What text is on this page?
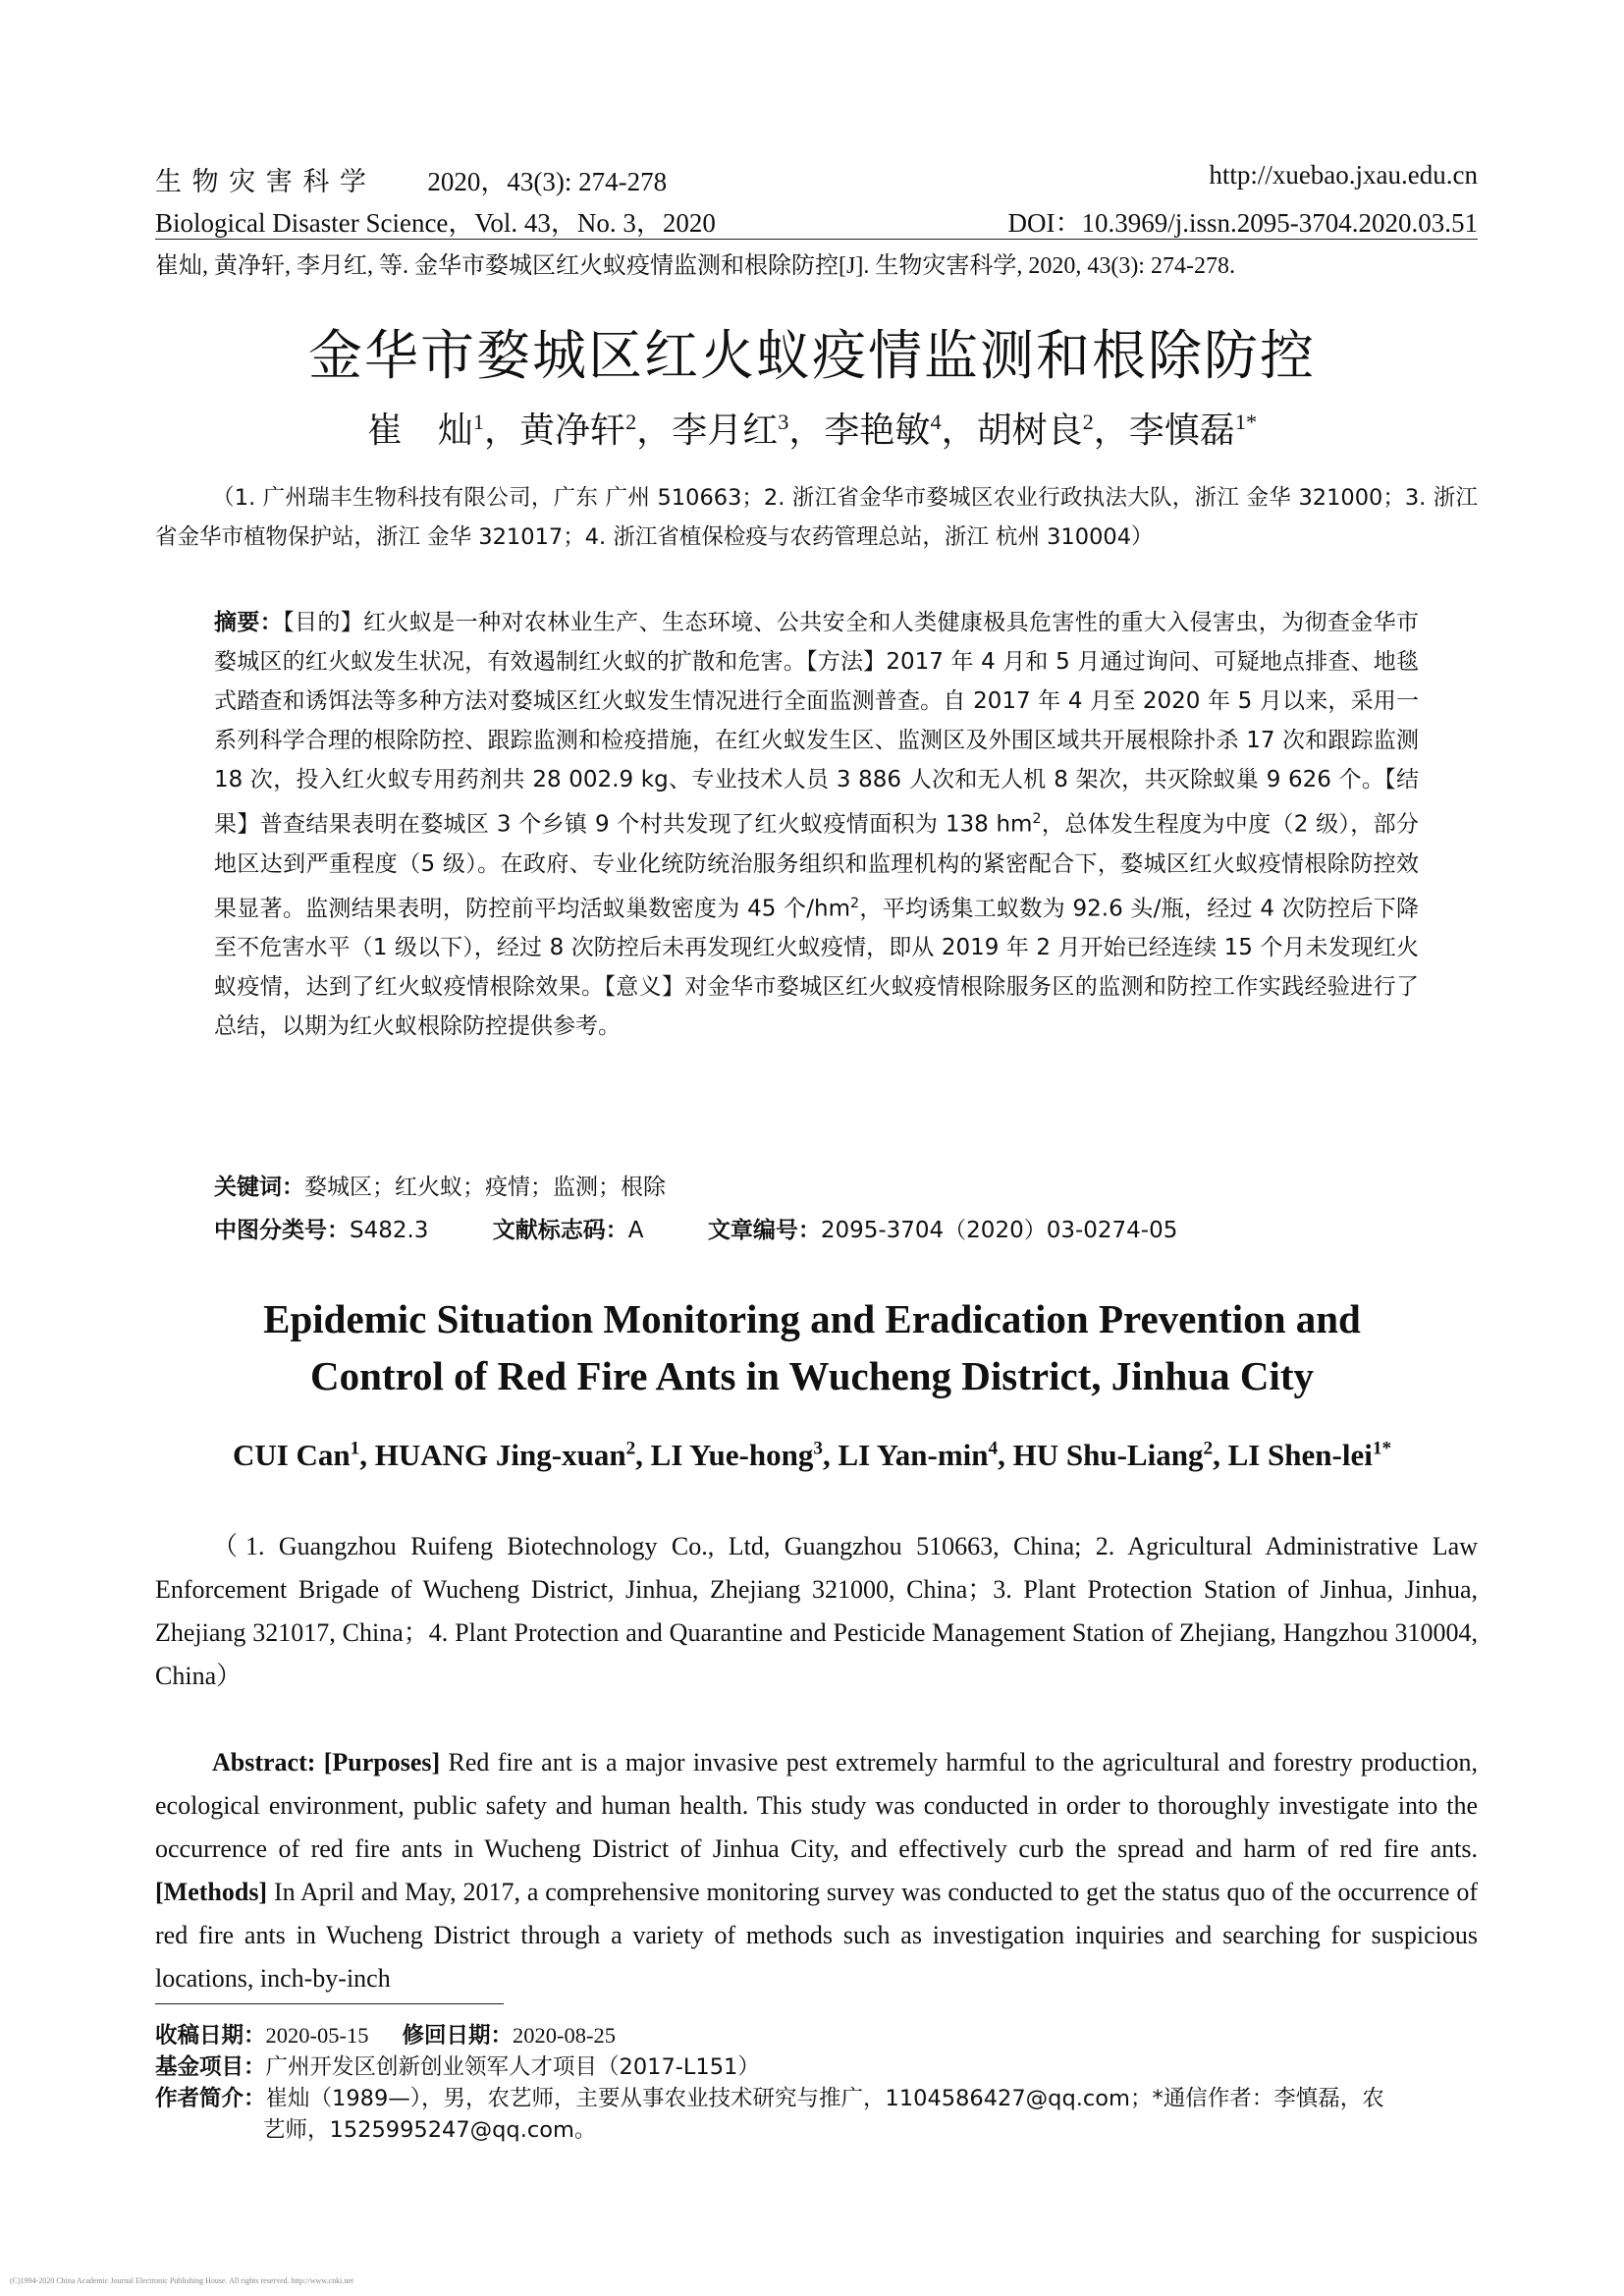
生 物 灾 害 科 学 2020，43(3): 274-278	http://xuebao.jxau.edu.cn
Biological Disaster Science，Vol. 43，No. 3，2020	DOI：10.3969/j.issn.2095-3704.2020.03.51
崔灿, 黄净轩, 李月红, 等. 金华市婺城区红火蚁疫情监测和根除防控[J]. 生物灾害科学, 2020, 43(3): 274-278.
金华市婺城区红火蚁疫情监测和根除防控
崔　灿$^1$，黄净轩$^2$，李月红$^3$，李艳敏$^4$，胡树良$^2$，李慎磊$^{1*}$
（1. 广州瑞丰生物科技有限公司，广东 广州 510663；2. 浙江省金华市婺城区农业行政执法大队，浙江 金华 321000；3. 浙江省金华市植物保护站，浙江 金华 321017；4. 浙江省植保检疫与农药管理总站，浙江 杭州 310004）
摘要：【目的】红火蚁是一种对农林业生产、生态环境、公共安全和人类健康极具危害性的重大入侵害虫，为彻查金华市婺城区的红火蚁发生状况，有效遏制红火蚁的扩散和危害。【方法】2017 年 4 月和 5 月通过询问、可疑地点排查、地毯式踏查和诱饵法等多种方法对婺城区红火蚁发生情况进行全面监测普查。自 2017 年 4 月至 2020 年 5 月以来，采用一系列科学合理的根除防控、跟踪监测和检疫措施，在红火蚁发生区、监测区及外围区域共开展根除扑杀 17 次和跟踪监测 18 次，投入红火蚁专用药剂共 28 002.9 kg、专业技术人员 3 886 人次和无人机 8 架次，共灭除蚁巢 9 626 个。【结果】普查结果表明在婺城区 3 个乡镇 9 个村共发现了红火蚁疫情面积为 138 $hm^2$，总体发生程度为中度（2 级），部分地区达到严重程度（5 级）。在政府、专业化统防统治服务组织和监理机构的紧密配合下，婺城区红火蚁疫情根除防控效果显著。监测结果表明，防控前平均活蚁巢数密度为 45 个$/hm^2$，平均诱集工蚁数为 92.6 头/瓶，经过 4 次防控后下降至不危害水平（1 级以下），经过 8 次防控后未再发现红火蚁疫情，即从 2019 年 2 月开始已经连续 15 个月未发现红火蚁疫情，达到了红火蚁疫情根除效果。【意义】对金华市婺城区红火蚁疫情根除服务区的监测和防控工作实践经验进行了总结，以期为红火蚁根除防控提供参考。
关键词：婺城区；红火蚁；疫情；监测；根除
中图分类号：S482.3	文献标志码：A	文章编号：2095-3704（2020）03-0274-05
Epidemic Situation Monitoring and Eradication Prevention and
Control of Red Fire Ants in Wucheng District, Jinhua City
CUI Can$^1$, HUANG Jing-xuan$^2$, LI Yue-hong$^3$, LI Yan-$\min^4$, HU Shu-Liang$^2$, LI Shen-lei$^{1*}$
（1. Guangzhou Ruifeng Biotechnology Co., Ltd, Guangzhou 510663, China; 2. Agricultural Administrative Law Enforcement Brigade of Wucheng District, Jinhua, Zhejiang 321000, China；3. Plant Protection Station of Jinhua, Jinhua, Zhejiang 321017, China；4. Plant Protection and Quarantine and Pesticide Management Station of Zhejiang, Hangzhou 310004, China）
Abstract: [Purposes] Red fire ant is a major invasive pest extremely harmful to the agricultural and forestry production, ecological environment, public safety and human health. This study was conducted in order to thoroughly investigate into the occurrence of red fire ants in Wucheng District of Jinhua City, and effectively curb the spread and harm of red fire ants. [Methods] In April and May, 2017, a comprehensive monitoring survey was conducted to get the status quo of the occurrence of red fire ants in Wucheng District through a variety of methods such as investigation inquiries and searching for suspicious locations, inch-by-inch
收稿日期：2020-05-15 修回日期：2020-08-25
基金项目：广州开发区创新创业领军人才项目（2017-L151）
作者简介：崔灿（1989—），男，农艺师，主要从事农业技术研究与推广，1104586427@qq.com；*通信作者：李慎磊，农
艺师，1525995247@qq.com。
(C)1994-2020 China Academic Journal Electronic Publishing House. All rights reserved. http://www.cnki.net
